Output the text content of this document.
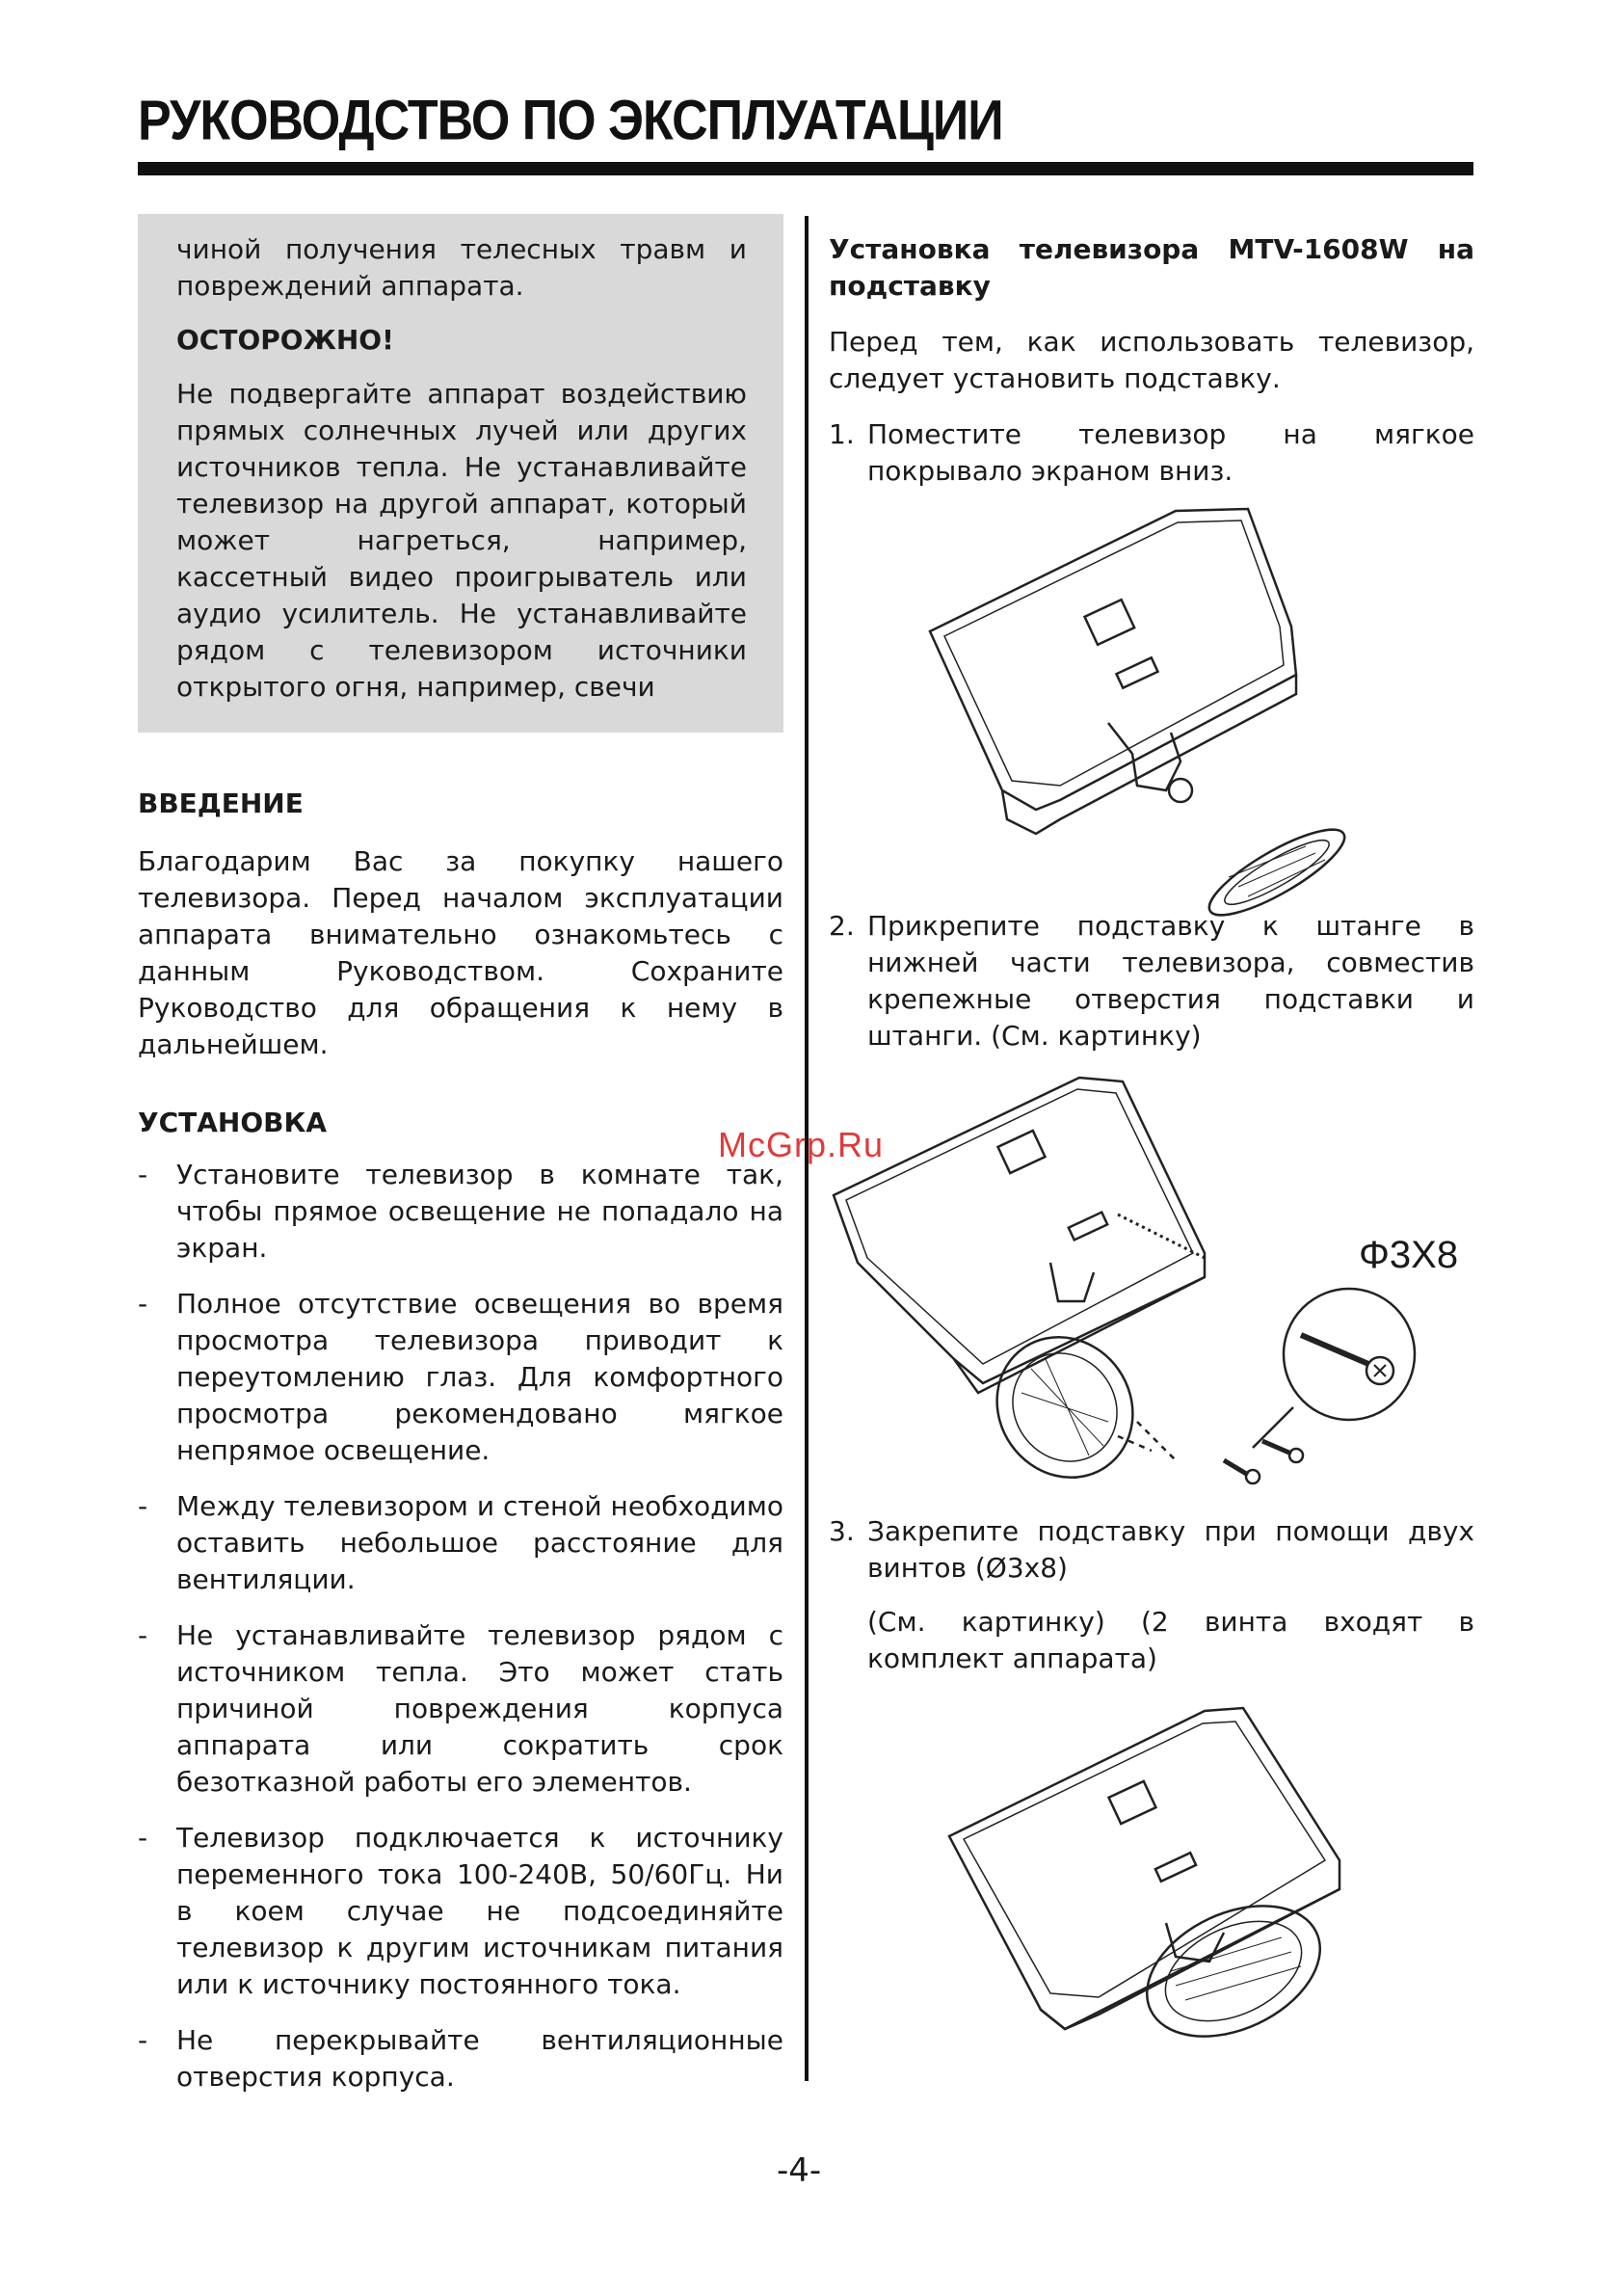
РУКОВОДСТВО ПО ЭКСПЛУАТАЦИИ

чиной получения телесных травм и повреждений аппарата.

ОСТОРОЖНО!

Не подвергайте аппарат воздействию прямых солнечных лучей или других источников тепла. Не устанавливайте телевизор на другой аппарат, который может нагреться, например, кассетный видео проигрыватель или аудио усилитель. Не устанавливайте рядом с телевизором источники открытого огня, например, свечи

ВВЕДЕНИЕ

Благодарим Вас за покупку нашего телевизора. Перед началом эксплуатации аппарата внимательно ознакомьтесь с данным Руководством. Сохраните Руководство для обращения к нему в дальнейшем.

УСТАНОВКА

- Установите телевизор в комнате так, чтобы прямое освещение не попадало на экран.
- Полное отсутствие освещения во время просмотра телевизора приводит к переутомлению глаз. Для комфортного просмотра рекомендовано мягкое непрямое освещение.
- Между телевизором и стеной необходимо оставить небольшое расстояние для вентиляции.
- Не устанавливайте телевизор рядом с источником тепла. Это может стать причиной повреждения корпуса аппарата или сократить срок безотказной работы его элементов.
- Телевизор подключается к источнику переменного тока 100-240В, 50/60Гц. Ни в коем случае не подсоединяйте телевизор к другим источникам питания или к источнику постоянного тока.
- Не перекрывайте вентиляционные отверстия корпуса.

Установка телевизора MTV-1608W на подставку

Перед тем, как использовать телевизор, следует установить подставку.

1. Поместите телевизор на мягкое покрывало экраном вниз.
2. Прикрепите подставку к штанге в нижней части телевизора, совместив крепежные отверстия подставки и штанги. (См. картинку)
3. Закрепите подставку при помощи двух винтов (Ø3x8)

(См. картинку) (2 винта входят в комплект аппарата)

Φ3X8
McGrp.Ru
-4-
